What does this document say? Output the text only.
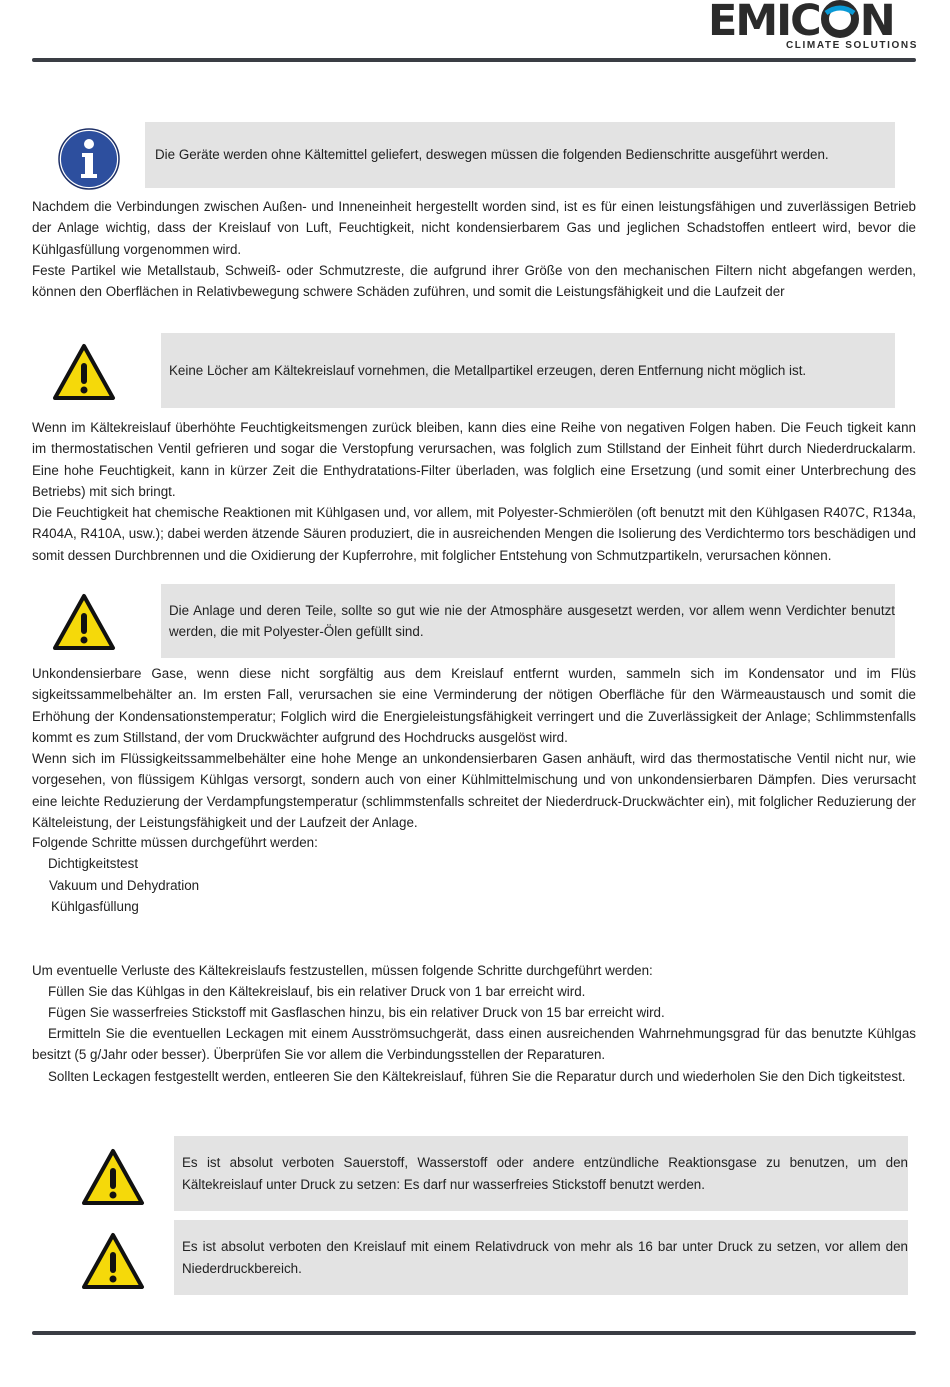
EMIC N
CLIMATE SOLUTIONS
Die Geräte werden ohne Kältemittel geliefert, deswegen müssen die folgenden Bedienschritte ausgeführt werden.

Nachdem die Verbindungen zwischen Außen- und Inneneinheit hergestellt worden sind, ist es für einen leistungsfähigen und zuverlässigen Betrieb der Anlage wichtig, dass der Kreislauf von Luft, Feuchtigkeit, nicht kondensierbarem Gas und jeglichen Schadstoffen entleert wird, bevor die Kühlgasfüllung vorgenommen wird.

Feste Partikel wie Metallstaub, Schweiß- oder Schmutzreste, die aufgrund ihrer Größe von den mechanischen Filtern nicht abgefangen werden, können den Oberflächen in Relativbewegung schwere Schäden zuführen, und somit die Leistungsfähigkeit und die Laufzeit der

Keine Löcher am Kältekreislauf vornehmen, die Metallpartikel erzeugen, deren Entfernung nicht möglich ist.

Wenn im Kältekreislauf überhöhte Feuchtigkeitsmengen zurück bleiben, kann dies eine Reihe von negativen Folgen haben. Die Feuch tigkeit kann im thermostatischen Ventil gefrieren und sogar die Verstopfung verursachen, was folglich zum Stillstand der Einheit führt durch Niederdruckalarm. Eine hohe Feuchtigkeit, kann in kürzer Zeit die Enthydratations-Filter überladen, was folglich eine Ersetzung (und somit einer Unterbrechung des Betriebs) mit sich bringt.

Die Feuchtigkeit hat chemische Reaktionen mit Kühlgasen und, vor allem, mit Polyester-Schmierölen (oft benutzt mit den Kühlgasen R407C, R134a, R404A, R410A, usw.); dabei werden ätzende Säuren produziert, die in ausreichenden Mengen die Isolierung des Verdichtermo tors beschädigen und somit dessen Durchbrennen und die Oxidierung der Kupferrohre, mit folglicher Entstehung von Schmutzpartikeln, verursachen können.

Die Anlage und deren Teile, sollte so gut wie nie der Atmosphäre ausgesetzt werden, vor allem wenn Verdichter benutzt werden, die mit Polyester-Ölen gefüllt sind.

Unkondensierbare Gase, wenn diese nicht sorgfältig aus dem Kreislauf entfernt wurden, sammeln sich im Kondensator und im Flüs sigkeitssammelbehälter an. Im ersten Fall, verursachen sie eine Verminderung der nötigen Oberfläche für den Wärmeaustausch und somit die Erhöhung der Kondensationstemperatur; Folglich wird die Energieleistungsfähigkeit verringert und die Zuverlässigkeit der Anlage; Schlimmstenfalls kommt es zum Stillstand, der vom Druckwächter aufgrund des Hochdrucks ausgelöst wird.

Wenn sich im Flüssigkeitssammelbehälter eine hohe Menge an unkondensierbaren Gasen anhäuft, wird das thermostatische Ventil nicht nur, wie vorgesehen, von flüssigem Kühlgas versorgt, sondern auch von einer Kühlmittelmischung und von unkondensierbaren Dämpfen. Dies verursacht eine leichte Reduzierung der Verdampfungstemperatur (schlimmstenfalls schreitet der Niederdruck-Druckwächter ein), mit folglicher Reduzierung der Kälteleistung, der Leistungsfähigkeit und der Laufzeit der Anlage.

Folgende Schritte müssen durchgeführt werden:
Dichtigkeitstest
Vakuum und Dehydration
Kühlgasfüllung
Um eventuelle Verluste des Kältekreislaufs festzustellen, müssen folgende Schritte durchgeführt werden:
Füllen Sie das Kühlgas in den Kältekreislauf, bis ein relativer Druck von 1 bar erreicht wird.
Fügen Sie wasserfreies Stickstoff mit Gasflaschen hinzu, bis ein relativer Druck von 15 bar erreicht wird.

Ermitteln Sie die eventuellen Leckagen mit einem Ausströmsuchgerät, dass einen ausreichenden Wahrnehmungsgrad für das benutzte Kühlgas besitzt (5 g/Jahr oder besser). Überprüfen Sie vor allem die Verbindungsstellen der Reparaturen.

Sollten Leckagen festgestellt werden, entleeren Sie den Kältekreislauf, führen Sie die Reparatur durch und wiederholen Sie den Dich tigkeitstest.

Es ist absolut verboten Sauerstoff, Wasserstoff oder andere entzündliche Reaktionsgase zu benutzen, um den Kältekreislauf unter Druck zu setzen: Es darf nur wasserfreies Stickstoff benutzt werden.
Es ist absolut verboten den Kreislauf mit einem Relativdruck von mehr als 16 bar unter Druck zu setzen, vor allem den Niederdruckbereich.
